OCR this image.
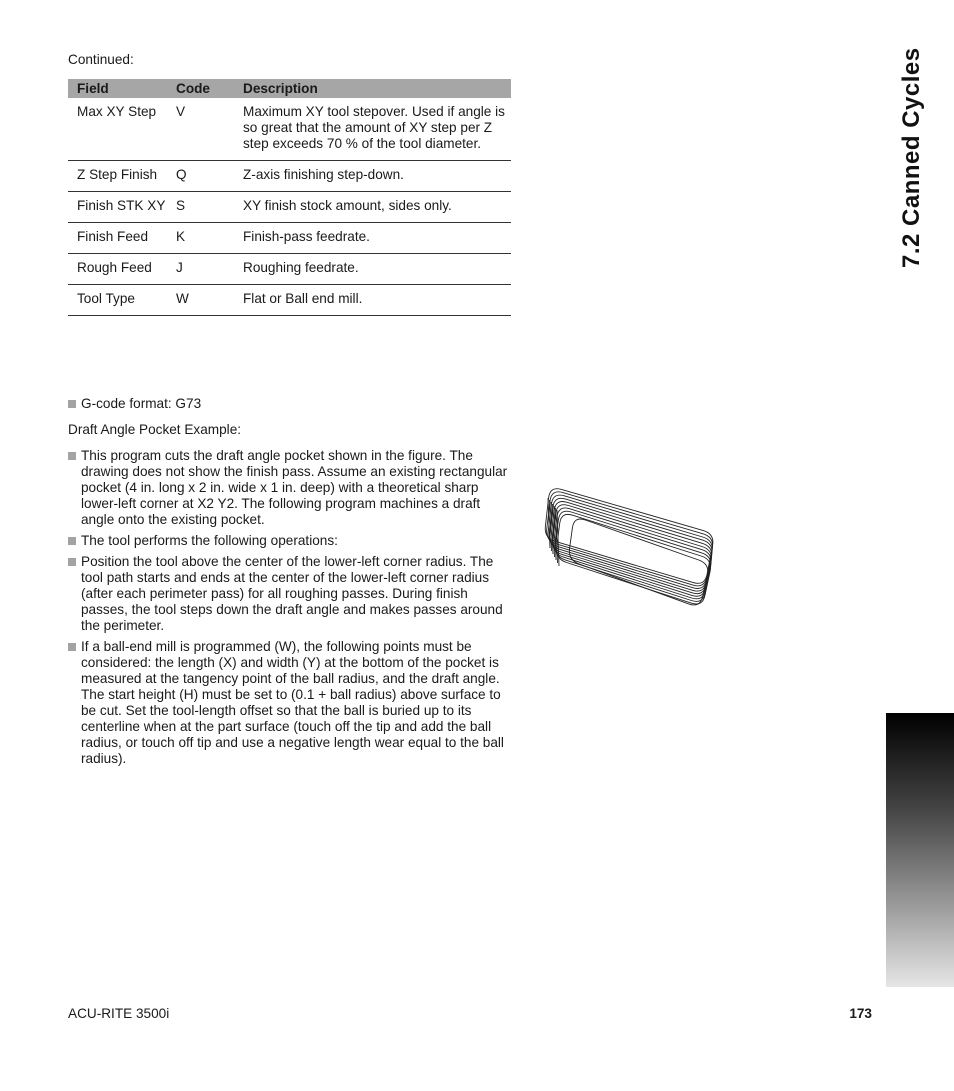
Continued:
Field	Code	Description
Max XY Step	V	Maximum XY tool stepover. Used if angle is so great that the amount of XY step per Z step exceeds 70 % of the tool diameter.
Z Step Finish	Q	Z-axis finishing step-down.
Finish STK XY	S	XY finish stock amount, sides only.
Finish Feed	K	Finish-pass feedrate.
Rough Feed	J	Roughing feedrate.
Tool Type	W	Flat or Ball end mill.
G-code format: G73
Draft Angle Pocket Example:
This program cuts the draft angle pocket shown in the figure. The drawing does not show the finish pass. Assume an existing rectangular pocket (4 in. long x 2 in. wide x 1 in. deep) with a theoretical sharp lower-left corner at X2 Y2. The following program machines a draft angle onto the existing pocket.
The tool performs the following operations:
Position the tool above the center of the lower-left corner radius. The tool path starts and ends at the center of the lower-left corner radius (after each perimeter pass) for all roughing passes. During finish passes, the tool steps down the draft angle and makes passes around the perimeter.
If a ball-end mill is programmed (W), the following points must be considered: the length (X) and width (Y) at the bottom of the pocket is measured at the tangency point of the ball radius, and the draft angle. The start height (H) must be set to (0.1 + ball radius) above surface to be cut. Set the tool-length offset so that the ball is buried up to its centerline when at the part surface (touch off the tip and add the ball radius, or touch off tip and use a negative length wear equal to the ball radius).
7.2 Canned Cycles
ACU-RITE 3500i	173
